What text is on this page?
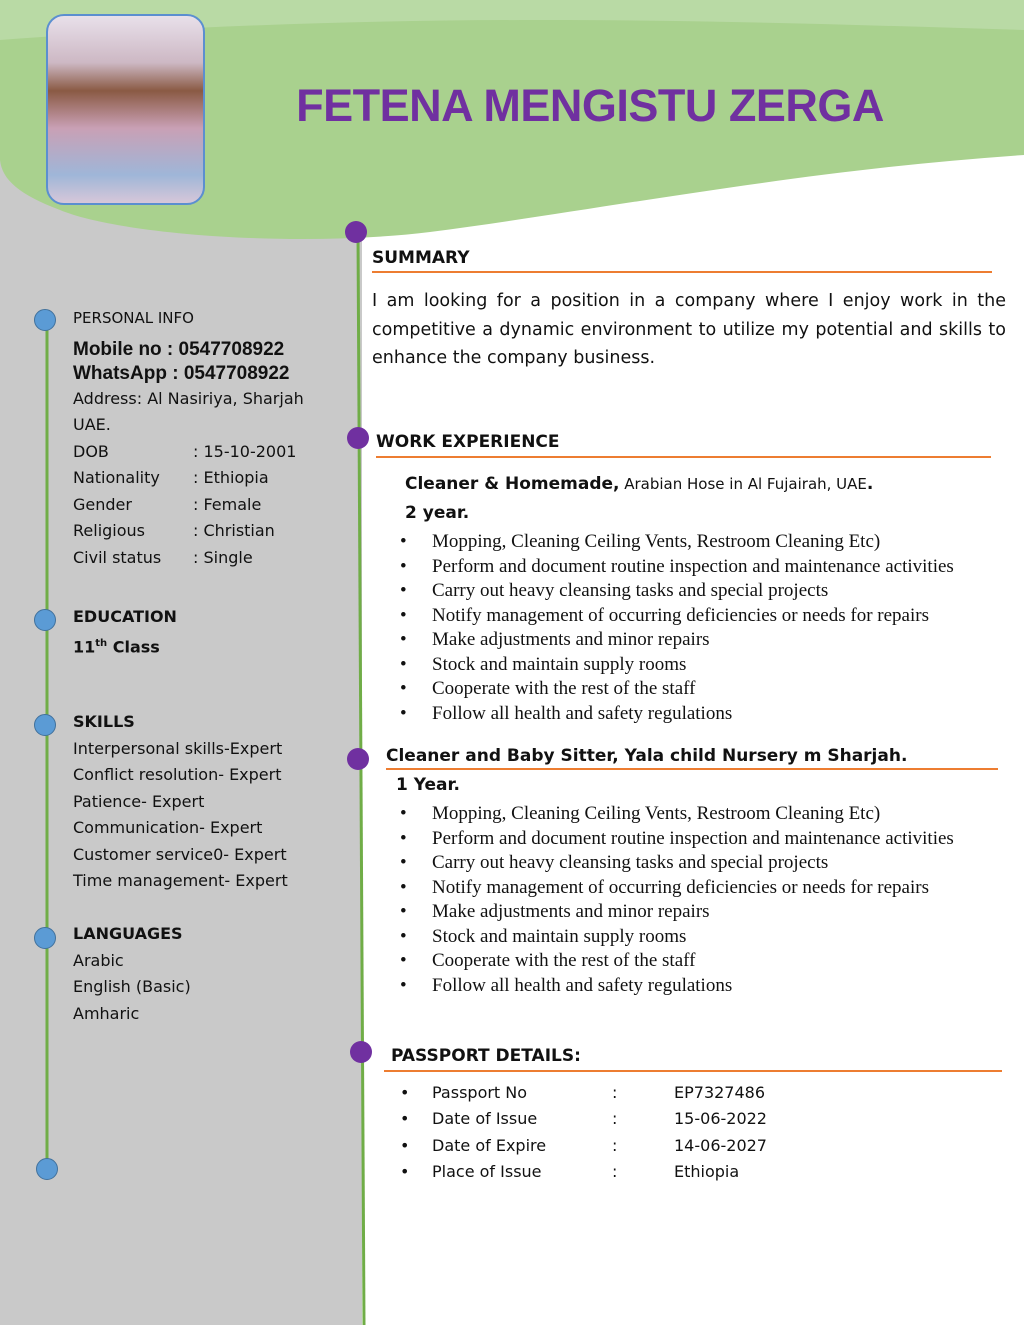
FETENA MENGISTU ZERGA
PERSONAL INFO
Mobile no : 0547708922
WhatsApp : 0547708922
Address: Al Nasiriya, Sharjah
UAE.
DOB	: 15-10-2001
Nationality	: Ethiopia
Gender	: Female
Religious	: Christian
Civil status	: Single
EDUCATION
11th Class
SKILLS
Interpersonal skills-Expert
Conflict resolution- Expert
Patience- Expert
Communication- Expert
Customer service0- Expert
Time management- Expert
LANGUAGES
Arabic
English (Basic)
Amharic
SUMMARY
I am looking for a position in a company where I enjoy work in the competitive a dynamic environment to utilize my potential and skills to enhance the company business.
WORK EXPERIENCE
Cleaner & Homemade, Arabian Hose in Al Fujairah, UAE.
2 year.
• Mopping, Cleaning Ceiling Vents, Restroom Cleaning Etc)
• Perform and document routine inspection and maintenance activities
• Carry out heavy cleansing tasks and special projects
• Notify management of occurring deficiencies or needs for repairs
• Make adjustments and minor repairs
• Stock and maintain supply rooms
• Cooperate with the rest of the staff
• Follow all health and safety regulations
Cleaner and Baby Sitter, Yala child Nursery m Sharjah.
1 Year.
• Mopping, Cleaning Ceiling Vents, Restroom Cleaning Etc)
• Perform and document routine inspection and maintenance activities
• Carry out heavy cleansing tasks and special projects
• Notify management of occurring deficiencies or needs for repairs
• Make adjustments and minor repairs
• Stock and maintain supply rooms
• Cooperate with the rest of the staff
• Follow all health and safety regulations
PASSPORT DETAILS:
• Passport No	:	EP7327486
• Date of Issue	:	15-06-2022
• Date of Expire	:	14-06-2027
• Place of Issue	:	Ethiopia
